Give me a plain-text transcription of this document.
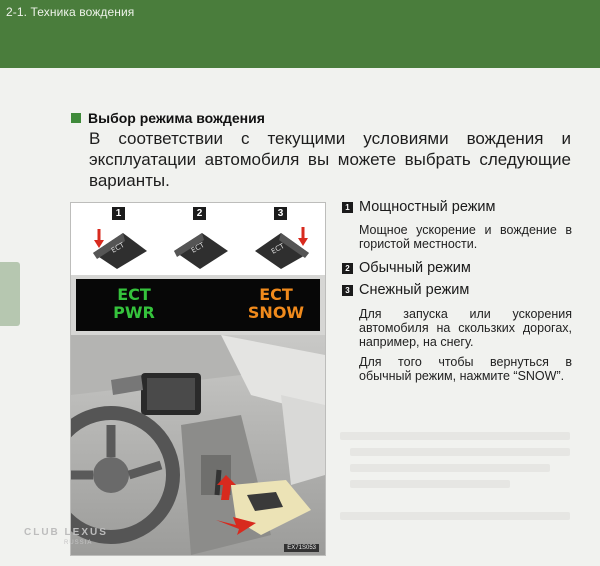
2-1. Техника вождения
Выбор режима вождения
В соответствии с текущими условиями вождения и эксплуатации автомобиля вы можете выбрать следующие варианты.
1
ECT
2
ECT
3
ECT
ECT
PWR
ECT
SNOW
EX71S053
CLUB LEXUS
RUSSIA
1 Мощностный режим
Мощное ускорение и вождение в гористой местности.
2 Обычный режим
3 Снежный режим
Для запуска или ускорения автомобиля на скользких дорогах, например, на снегу.
Для того чтобы вернуться в обычный режим, нажмите “SNOW”.
